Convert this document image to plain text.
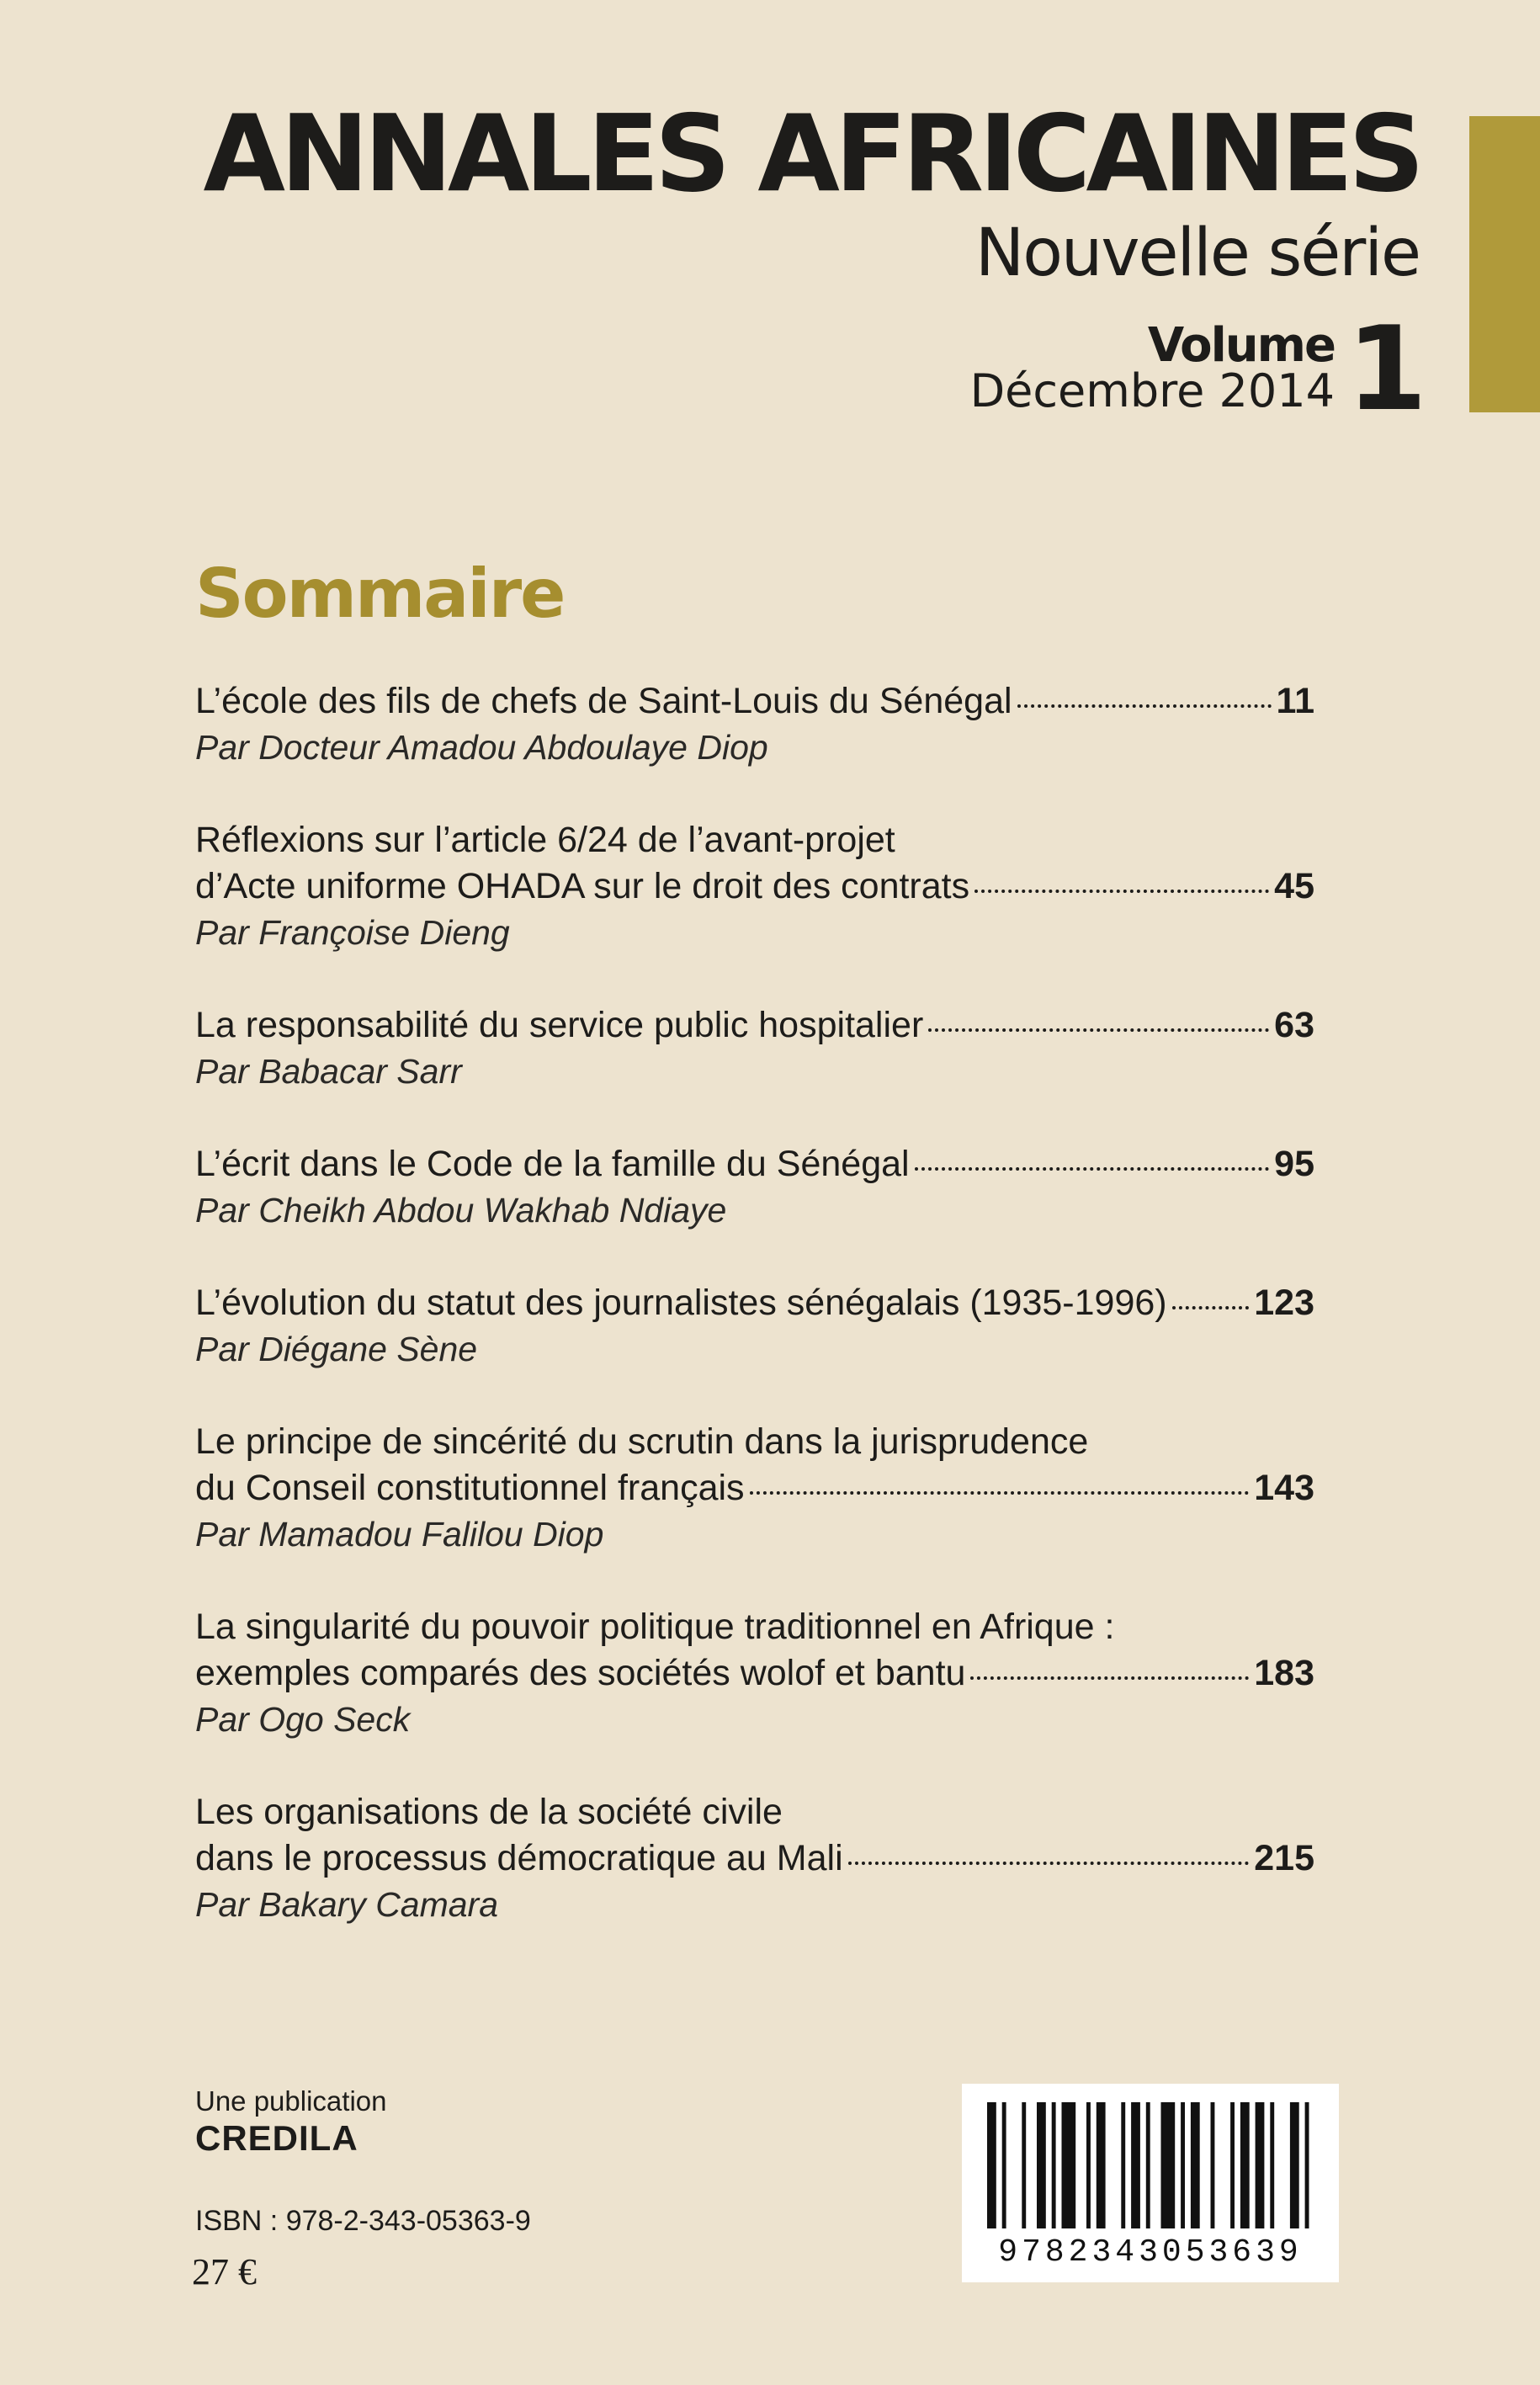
ANNALES AFRICAINES
Nouvelle série
Volume
Décembre 2014 1
Sommaire
L’école des fils de chefs de Saint-Louis du Sénégal	11
Par Docteur Amadou Abdoulaye Diop
Réflexions sur l’article 6/24 de l’avant-projet
d’Acte uniforme OHADA sur le droit des contrats	45
Par Françoise Dieng
La responsabilité du service public hospitalier	63
Par Babacar Sarr
L’écrit dans le Code de la famille du Sénégal	95
Par Cheikh Abdou Wakhab Ndiaye
L’évolution du statut des journalistes sénégalais (1935-1996) 123
Par Diégane Sène
Le principe de sincérité du scrutin dans la jurisprudence
du Conseil constitutionnel français	143
Par Mamadou Falilou Diop
La singularité du pouvoir politique traditionnel en Afrique :
exemples comparés des sociétés wolof et bantu	183
Par Ogo Seck
Les organisations de la société civile
dans le processus démocratique au Mali	215
Par Bakary Camara
Une publication
CREDILA
ISBN : 978-2-343-05363-9
27 €	9782343053639
